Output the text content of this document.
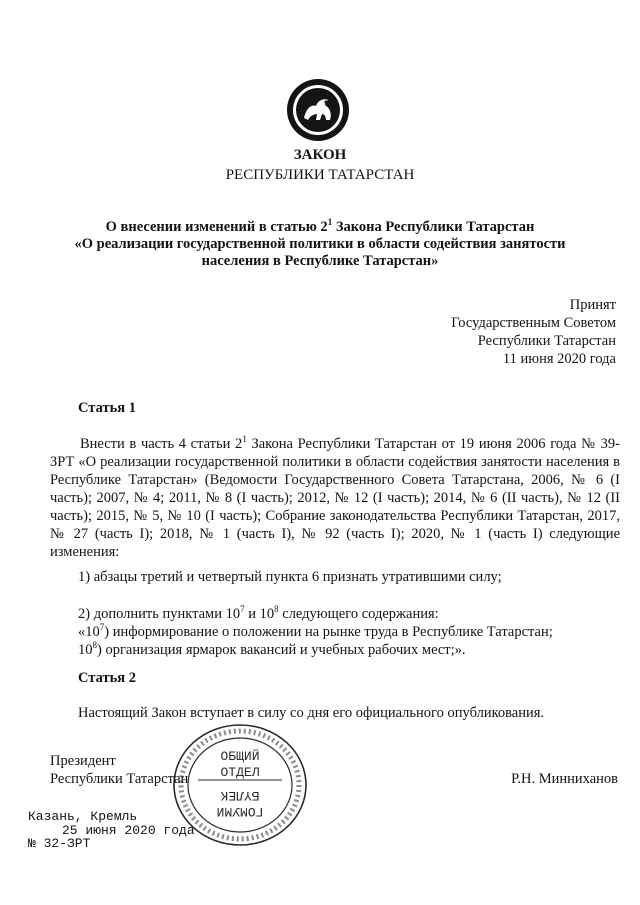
ЗАКОН
РЕСПУБЛИКИ ТАТАРСТАН
О внесении изменений в статью $2^1$ Закона Республики Татарстан
«О реализации государственной политики в области содействия занятости
населения в Республике Татарстан»
Принят
Государственным Советом
Республики Татарстан
11 июня 2020 года
Статья 1
Внести в часть 4 статьи $2^1$ Закона Республики Татарстан от 19 июня 2006 года № 39-ЗРТ «О реализации государственной политики в области содействия занятости населения в Республике Татарстан» (Ведомости Государственного Совета Татарстана, 2006, № 6 (I часть); 2007, № 4; 2011, № 8 (I часть); 2012, № 12 (I часть); 2014, № 6 (II часть), № 12 (II часть); 2015, № 5, № 10 (I часть); Собрание законодательства Республики Татарстан, 2017, № 27 (часть I); 2018, № 1 (часть I), № 92 (часть I); 2020, № 1 (часть I) следующие изменения:
1) абзацы третий и четвертый пункта 6 признать утратившими силу;
2) дополнить пунктами $10^7$ и $10^8$ следующего содержания:
«$10^7$) информирование о положении на рынке труда в Республике Татарстан;
$10^8$) организация ярмарок вакансий и учебных рабочих мест;».
Статья 2
Настоящий Закон вступает в силу со дня его официального опубликования.
Президент
Республики Татарстан	Р.Н. Минниханов
ОБЩИЙ
ОТДЕЛ
ГОМУМИ
БҮЛЕК
Казань, Кремль
25 июня 2020 года
№ 32-ЗРТ
